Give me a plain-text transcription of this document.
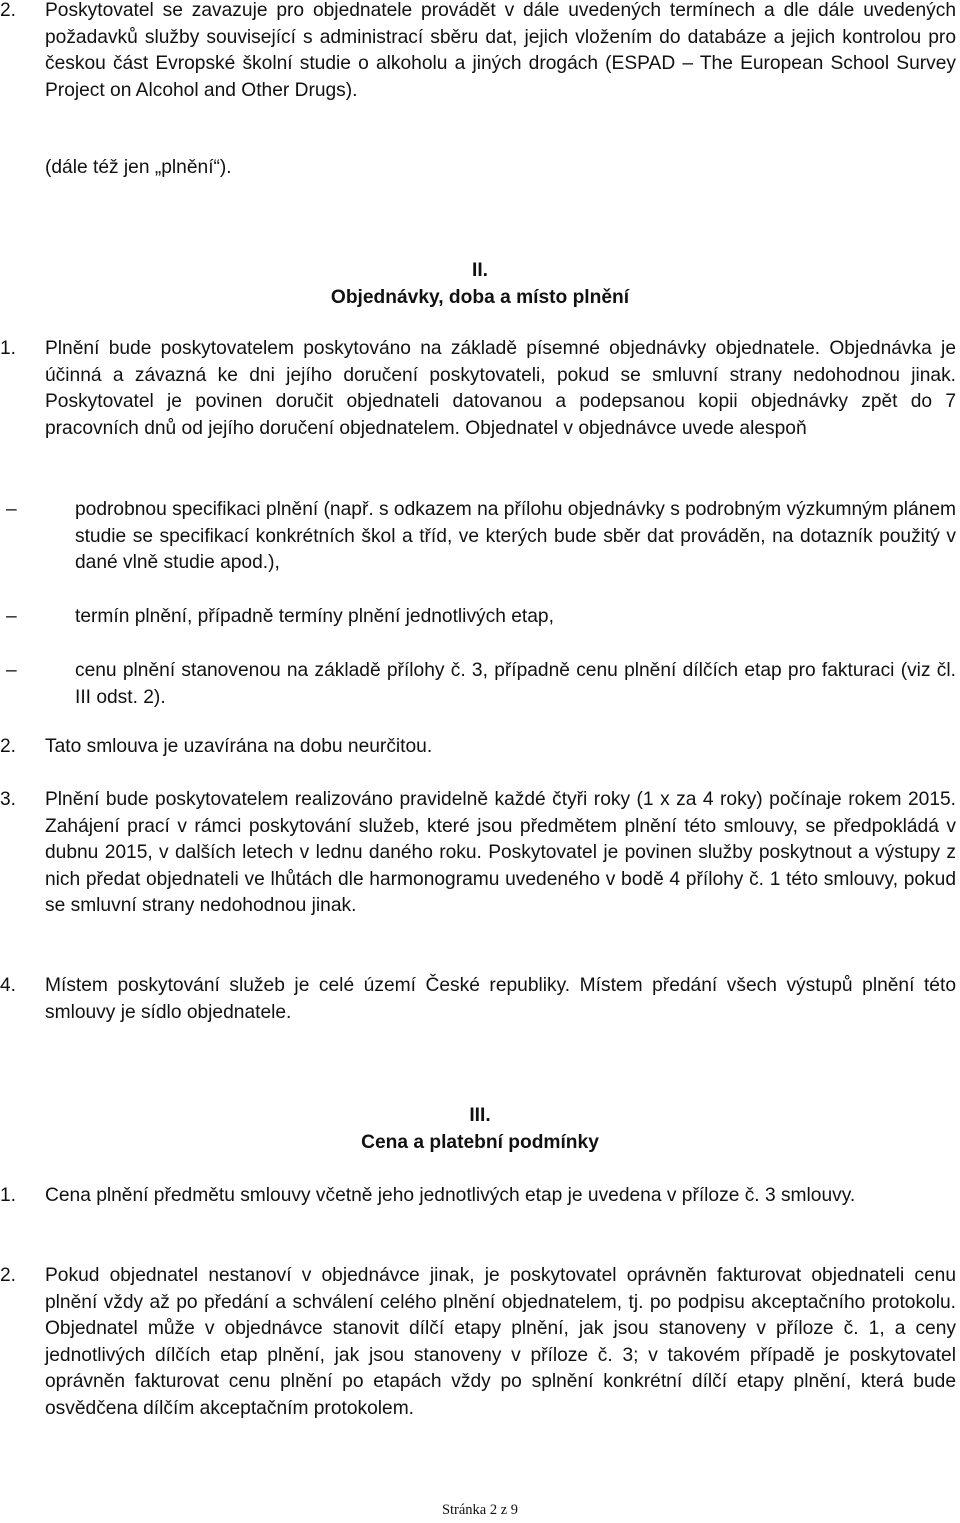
2.	Poskytovatel se zavazuje pro objednatele provádět v dále uvedených termínech a dle dále uvedených požadavků služby související s administrací sběru dat, jejich vložením do databáze a jejich kontrolou pro českou část Evropské školní studie o alkoholu a jiných drogách (ESPAD – The European School Survey Project on Alcohol and Other Drugs).
(dále též jen „plnění“).
II.
Objednávky, doba a místo plnění
1.	Plnění bude poskytovatelem poskytováno na základě písemné objednávky objednatele. Objednávka je účinná a závazná ke dni jejího doručení poskytovateli, pokud se smluvní strany nedohodnou jinak. Poskytovatel je povinen doručit objednateli datovanou a podepsanou kopii objednávky zpět do 7 pracovních dnů od jejího doručení objednatelem. Objednatel v objednávce uvede alespoň
–	podrobnou specifikaci plnění (např. s odkazem na přílohu objednávky s podrobným výzkumným plánem studie se specifikací konkrétních škol a tříd, ve kterých bude sběr dat prováděn, na dotazník použitý v dané vlně studie apod.),
–	termín plnění, případně termíny plnění jednotlivých etap,
–	cenu plnění stanovenou na základě přílohy č. 3, případně cenu plnění dílčích etap pro fakturaci (viz čl. III odst. 2).
2.	Tato smlouva je uzavírána na dobu neurčitou.
3.	Plnění bude poskytovatelem realizováno pravidelně každé čtyři roky (1 x za 4 roky) počínaje rokem 2015. Zahájení prací v rámci poskytování služeb, které jsou předmětem plnění této smlouvy, se předpokládá v dubnu 2015, v dalších letech v lednu daného roku. Poskytovatel je povinen služby poskytnout a výstupy z nich předat objednateli ve lhůtách dle harmonogramu uvedeného v bodě 4 přílohy č. 1 této smlouvy, pokud se smluvní strany nedohodnou jinak.
4.	Místem poskytování služeb je celé území České republiky. Místem předání všech výstupů plnění této smlouvy je sídlo objednatele.
III.
Cena a platební podmínky
1.	Cena plnění předmětu smlouvy včetně jeho jednotlivých etap je uvedena v příloze č. 3 smlouvy.
2.	Pokud objednatel nestanoví v objednávce jinak, je poskytovatel oprávněn fakturovat objednateli cenu plnění vždy až po předání a schválení celého plnění objednatelem, tj. po podpisu akceptačního protokolu. Objednatel může v objednávce stanovit dílčí etapy plnění, jak jsou stanoveny v příloze č. 1, a ceny jednotlivých dílčích etap plnění, jak jsou stanoveny v příloze č. 3; v takovém případě je poskytovatel oprávněn fakturovat cenu plnění po etapách vždy po splnění konkrétní dílčí etapy plnění, která bude osvědčena dílčím akceptačním protokolem.
Stránka 2 z 9
